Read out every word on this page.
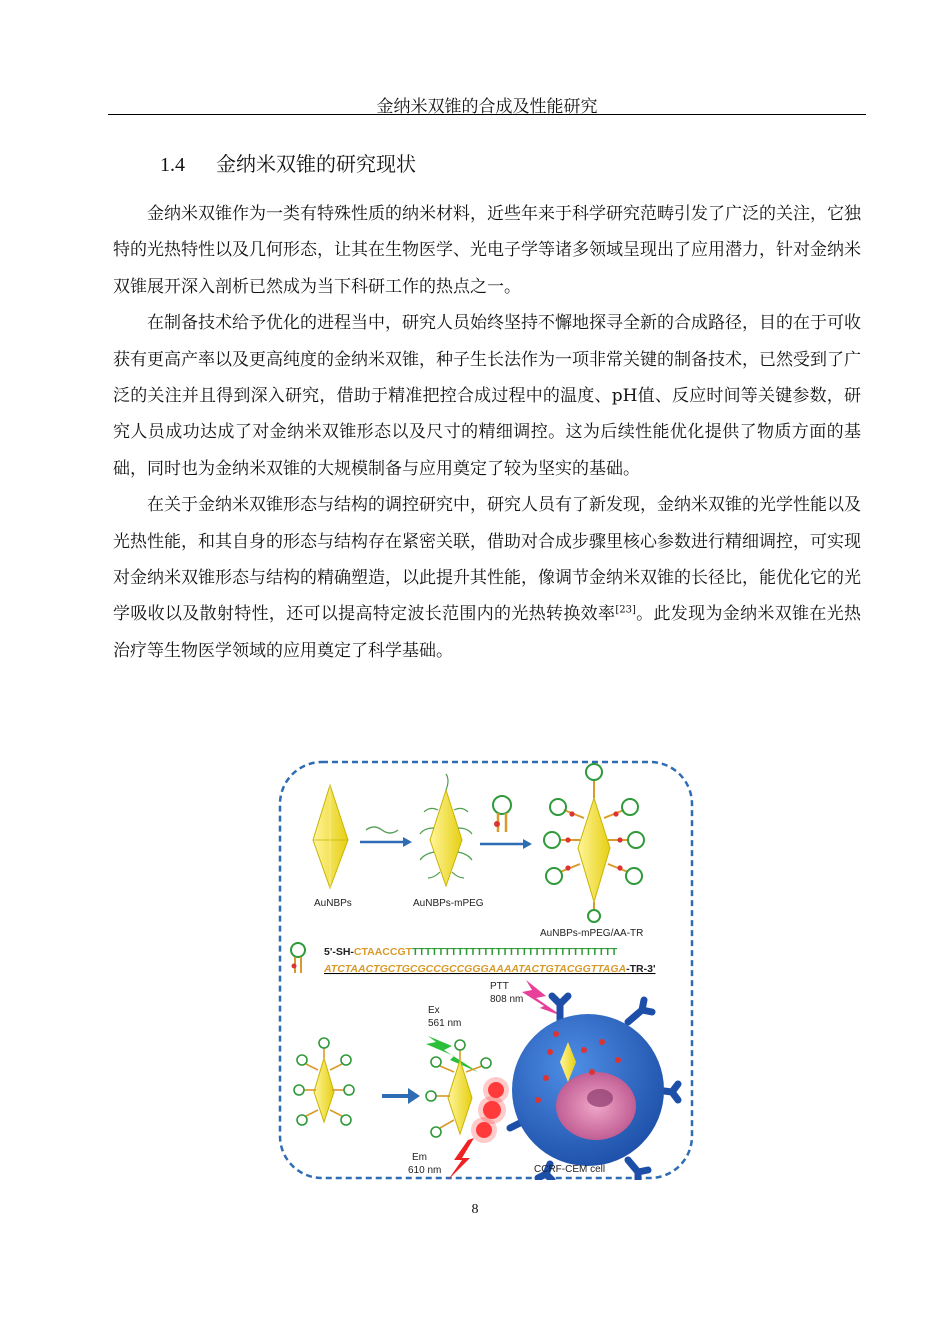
金纳米双锥的合成及性能研究
1.4 金纳米双锥的研究现状

金纳米双锥作为一类有特殊性质的纳米材料，近些年来于科学研究范畴引发了广泛的关注，它独特的光热特性以及几何形态，让其在生物医学、光电子学等诸多领域呈现出了应用潜力，针对金纳米双锥展开深入剖析已然成为当下科研工作的热点之一。

在制备技术给予优化的进程当中，研究人员始终坚持不懈地探寻全新的合成路径，目的在于可收获有更高产率以及更高纯度的金纳米双锥，种子生长法作为一项非常关键的制备技术，已然受到了广泛的关注并且得到深入研究，借助于精准把控合成过程中的温度、pH值、反应时间等关键参数，研究人员成功达成了对金纳米双锥形态以及尺寸的精细调控。这为后续性能优化提供了物质方面的基础，同时也为金纳米双锥的大规模制备与应用奠定了较为坚实的基础。

在关于金纳米双锥形态与结构的调控研究中，研究人员有了新发现，金纳米双锥的光学性能以及光热性能，和其自身的形态与结构存在紧密关联，借助对合成步骤里核心参数进行精细调控，可实现对金纳米双锥形态与结构的精确塑造，以此提升其性能，像调节金纳米双锥的长径比，能优化它的光学吸收以及散射特性，还可以提高特定波长范围内的光热转换效率[23]。此发现为金纳米双锥在光热治疗等生物医学领域的应用奠定了科学基础。

AuNBPs	AuNBPs-mPEG
AuNBPs-mPEG/AA-TR
5'-SH-CTAACCGTTTTTTTTTTTTTTTTTTTTTTTTTTTTTTTTT
ATCTAACTGCTGCGCCGCCGGGAAAATACTGTACGGTTAGA-TR-3'
PTT
808 nm
Ex
561 nm
Em
610 nm	CCRF-CEM cell
8
